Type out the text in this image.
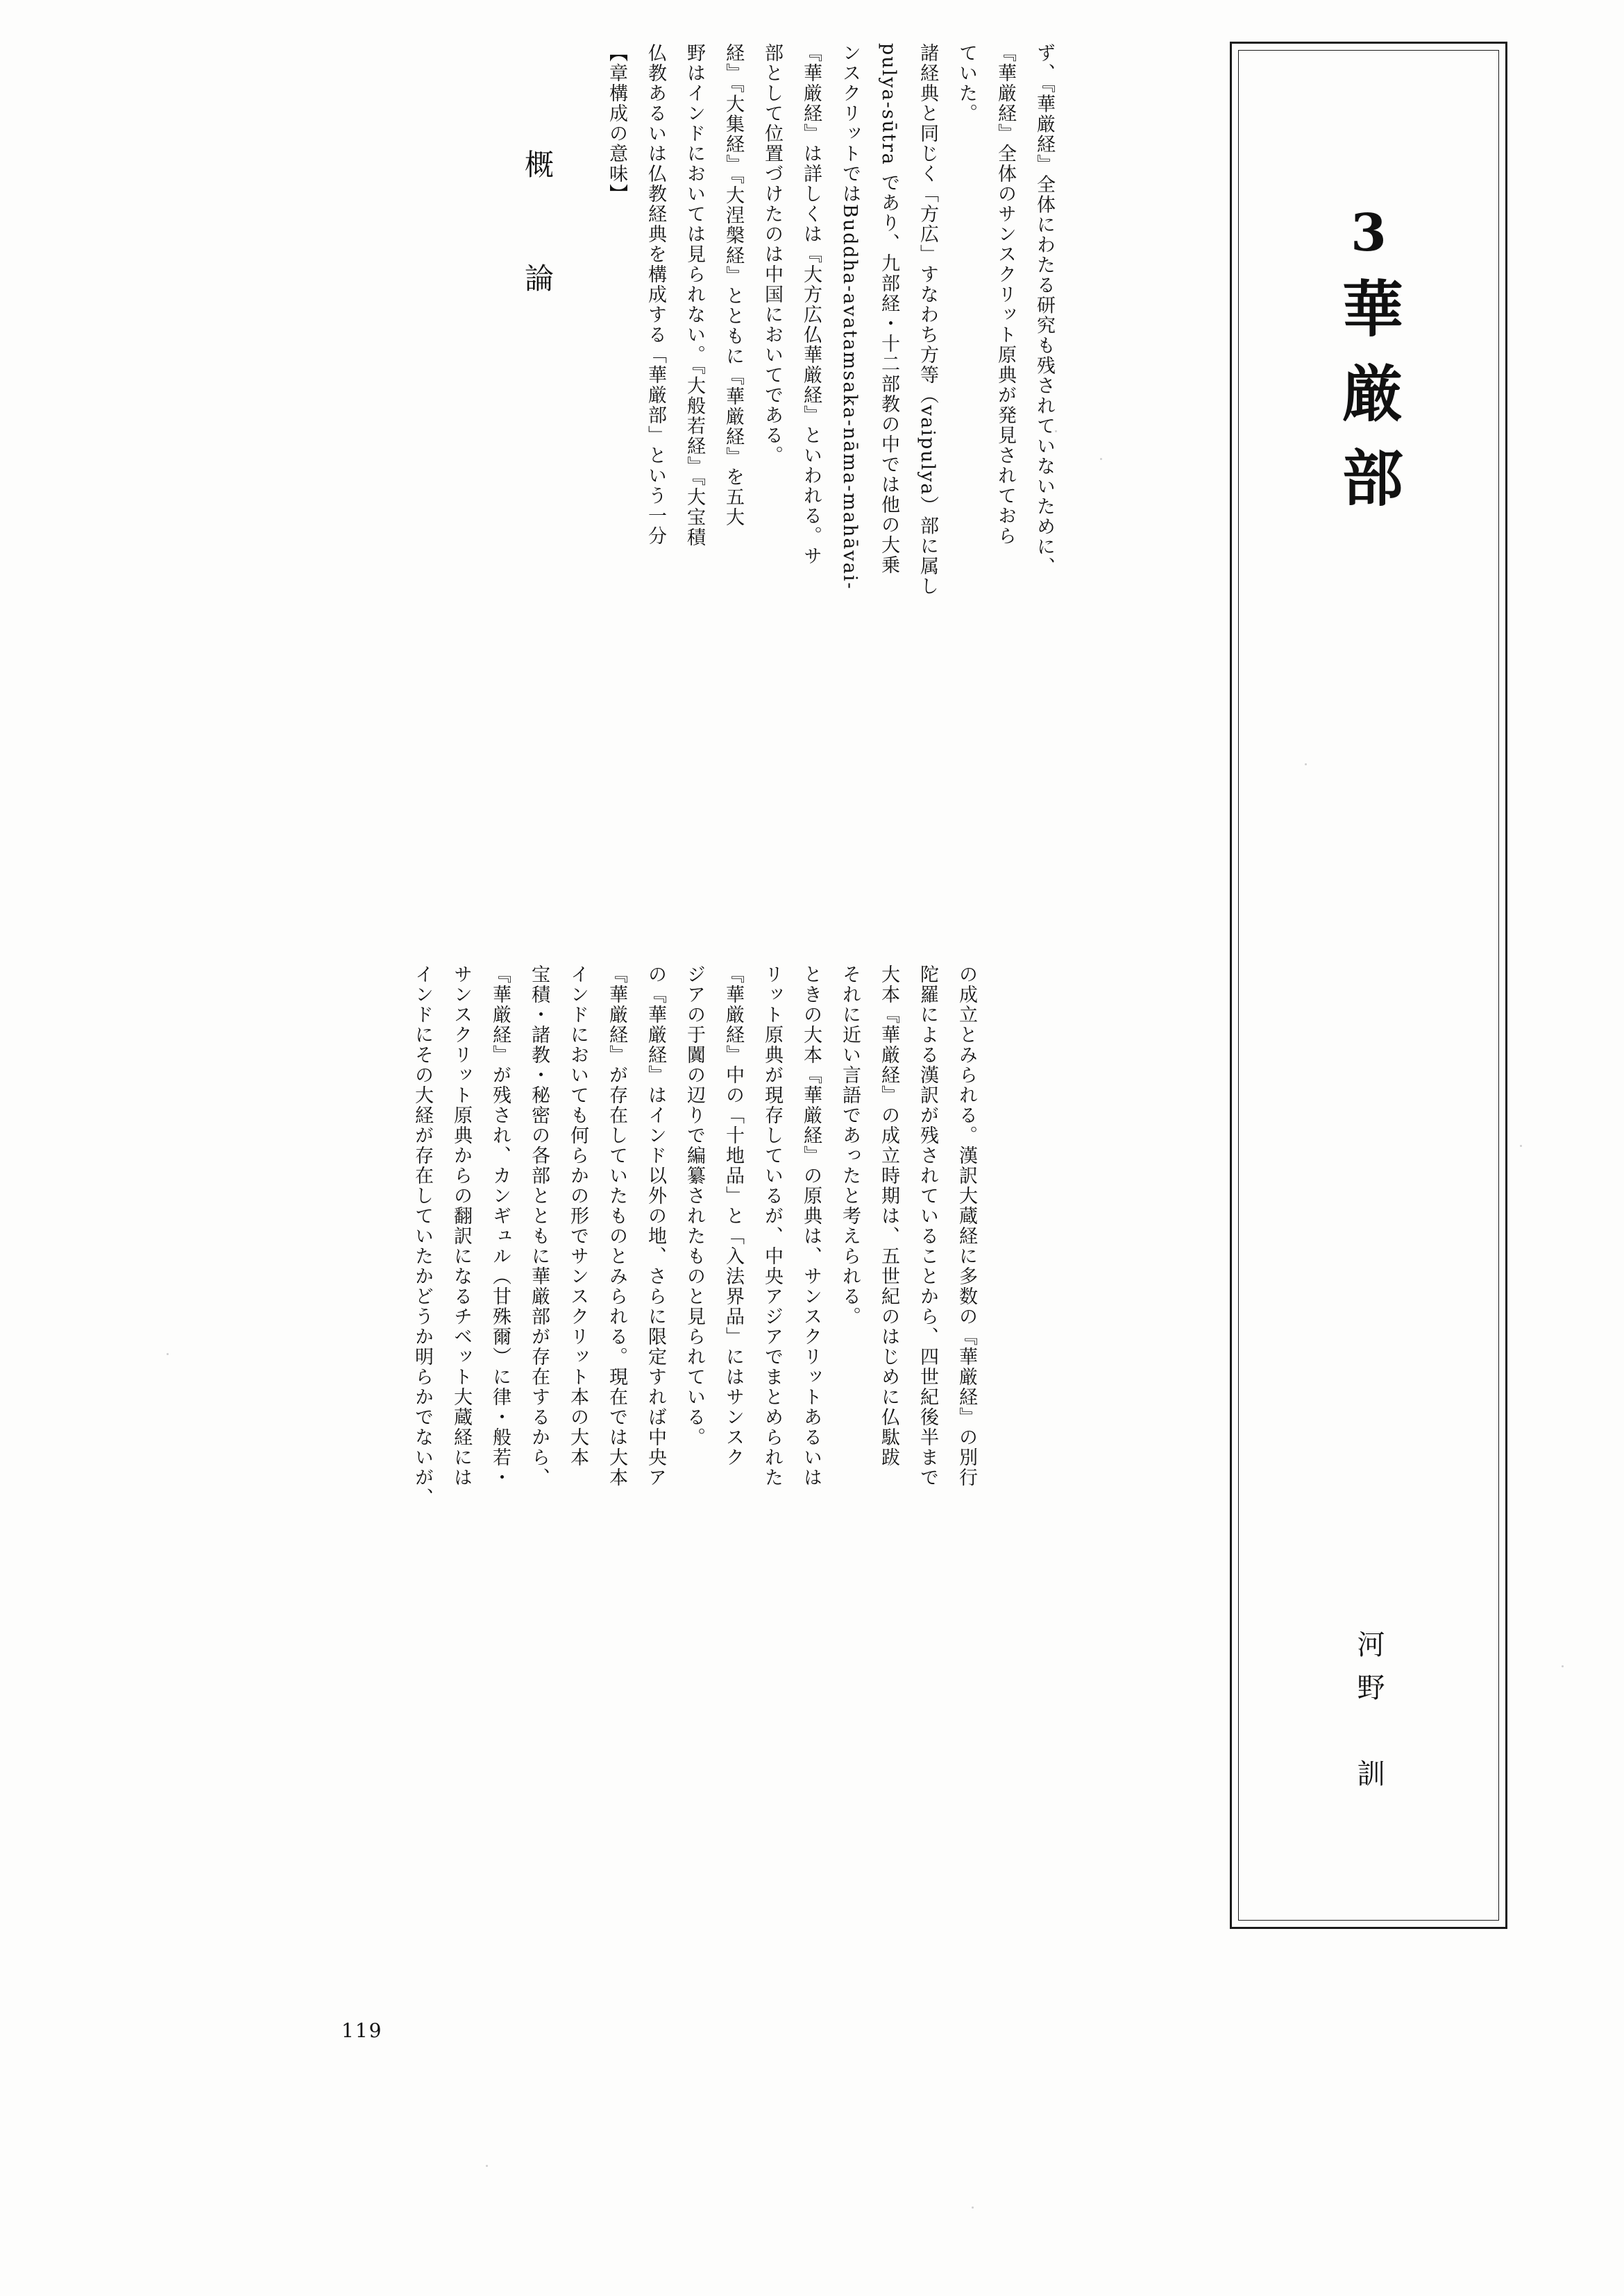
3華厳部
河野　訓
概　論

【章構成の意味】 仏教あるいは仏教経典を構成する「華厳部」という一分 野はインドにおいては見られない。『大般若経』『大宝積 経』『大集経』『大涅槃経』とともに『華厳経』を五大 部として位置づけたのは中国においてである。 『華厳経』は詳しくは『大方広仏華厳経』といわれる。サ ンスクリットではBuddha-avatamsaka-nāma-mahāvai- pulya-sūtra であり、九部経・十二部教の中では他の大乗 諸経典と同じく「方広」すなわち方等（vaipulya）部に属し ていた。 『華厳経』全体のサンスクリット原典が発見されておら ず、『華厳経』全体にわたる研究も残されていないために、

インドにその大経が存在していたかどうか明らかでないが、 サンスクリット原典からの翻訳になるチベット大蔵経には 『華厳経』が残され、カンギュル（甘殊爾）に律・般若・ 宝積・諸教・秘密の各部とともに華厳部が存在するから、 インドにおいても何らかの形でサンスクリット本の大本 『華厳経』が存在していたものとみられる。現在では大本 の『華厳経』はインド以外の地、さらに限定すれば中央ア ジアの于闐の辺りで編纂されたものと見られている。 『華厳経』中の「十地品」と「入法界品」にはサンスク リット原典が現存しているが、中央アジアでまとめられた ときの大本『華厳経』の原典は、サンスクリットあるいは それに近い言語であったと考えられる。 大本『華厳経』の成立時期は、五世紀のはじめに仏駄跋 陀羅による漢訳が残されていることから、四世紀後半まで の成立とみられる。漢訳大蔵経に多数の『華厳経』の別行

119
